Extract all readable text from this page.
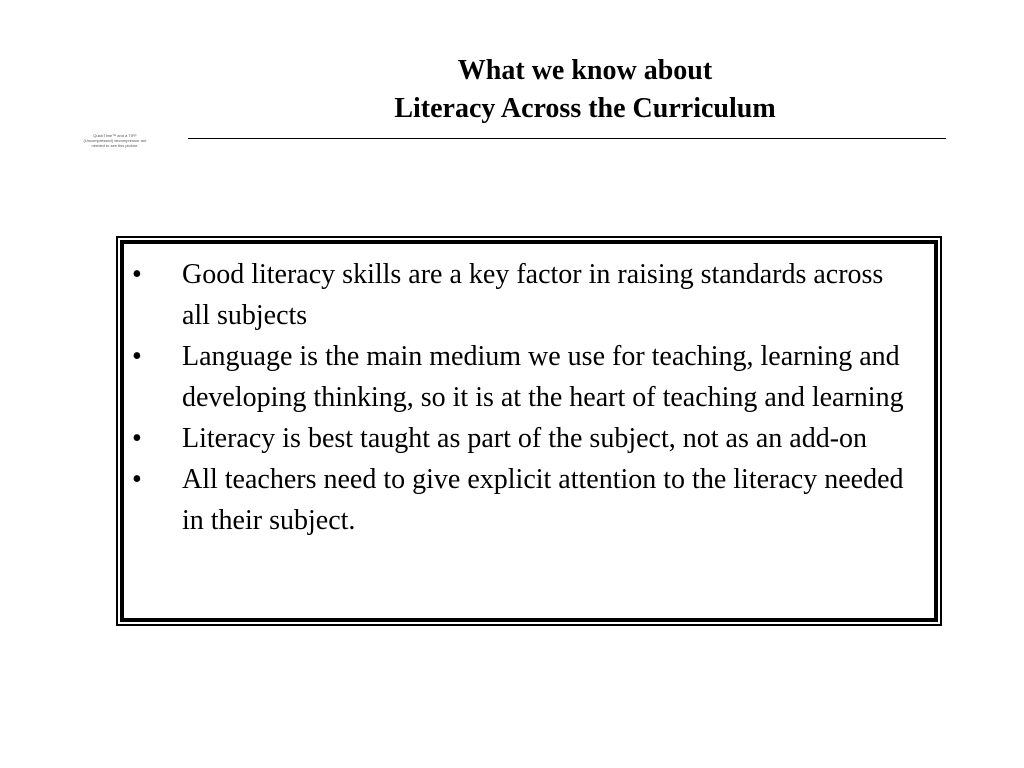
What we know about
Literacy Across the Curriculum
QuickTime™ and a TIFF (Uncompressed) decompressor are needed to see this picture.
• Good literacy skills are a key factor in raising standards across all subjects
• Language is the main medium we use for teaching, learning and developing thinking, so it is at the heart of teaching and learning
• Literacy is best taught as part of the subject, not as an add-on
• All teachers need to give explicit attention to the literacy needed in their subject.
